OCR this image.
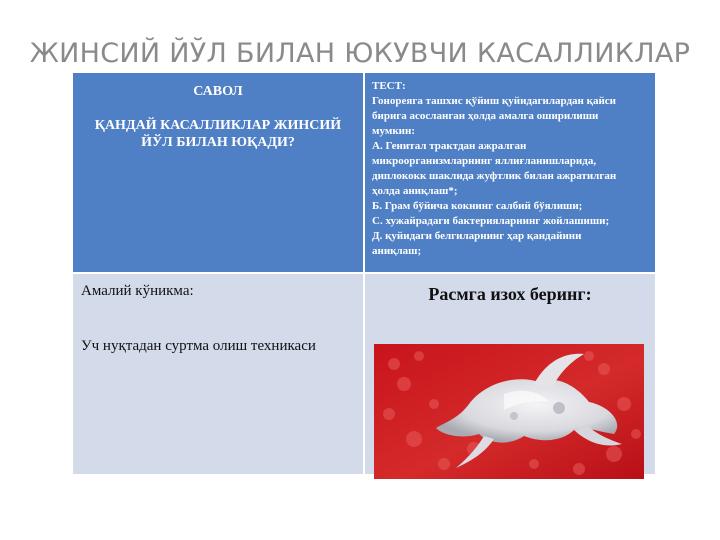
ЖИНСИЙ ЙЎЛ БИЛАН ЮКУВЧИ КАСАЛЛИКЛАР
САВОЛ
ҚАНДАЙ КАСАЛЛИКЛАР ЖИНСИЙ ЙЎЛ БИЛАН ЮҚАДИ?
ТЕСТ:
Гонореяга ташхис қўйиш қуйидагилардан қайси
бирига асосланган ҳолда амалга оширилиши
мумкин:
А. Генитал трактдан ажралган
микроорганизмларнинг яллиғланишларида,
диплококк шаклида жуфтлик билан ажратилган
ҳолда аниқлаш*;
Б. Грам бўйича кокнинг салбий бўялиши;
С. хужайрадаги бактерияларнинг жойлашиши;
Д. қуйидаги белгиларнинг ҳар қандайини
аниқлаш;
Амалий кўникма:
Уч нуқтадан суртма олиш техникаси
Расмга изох беринг:
